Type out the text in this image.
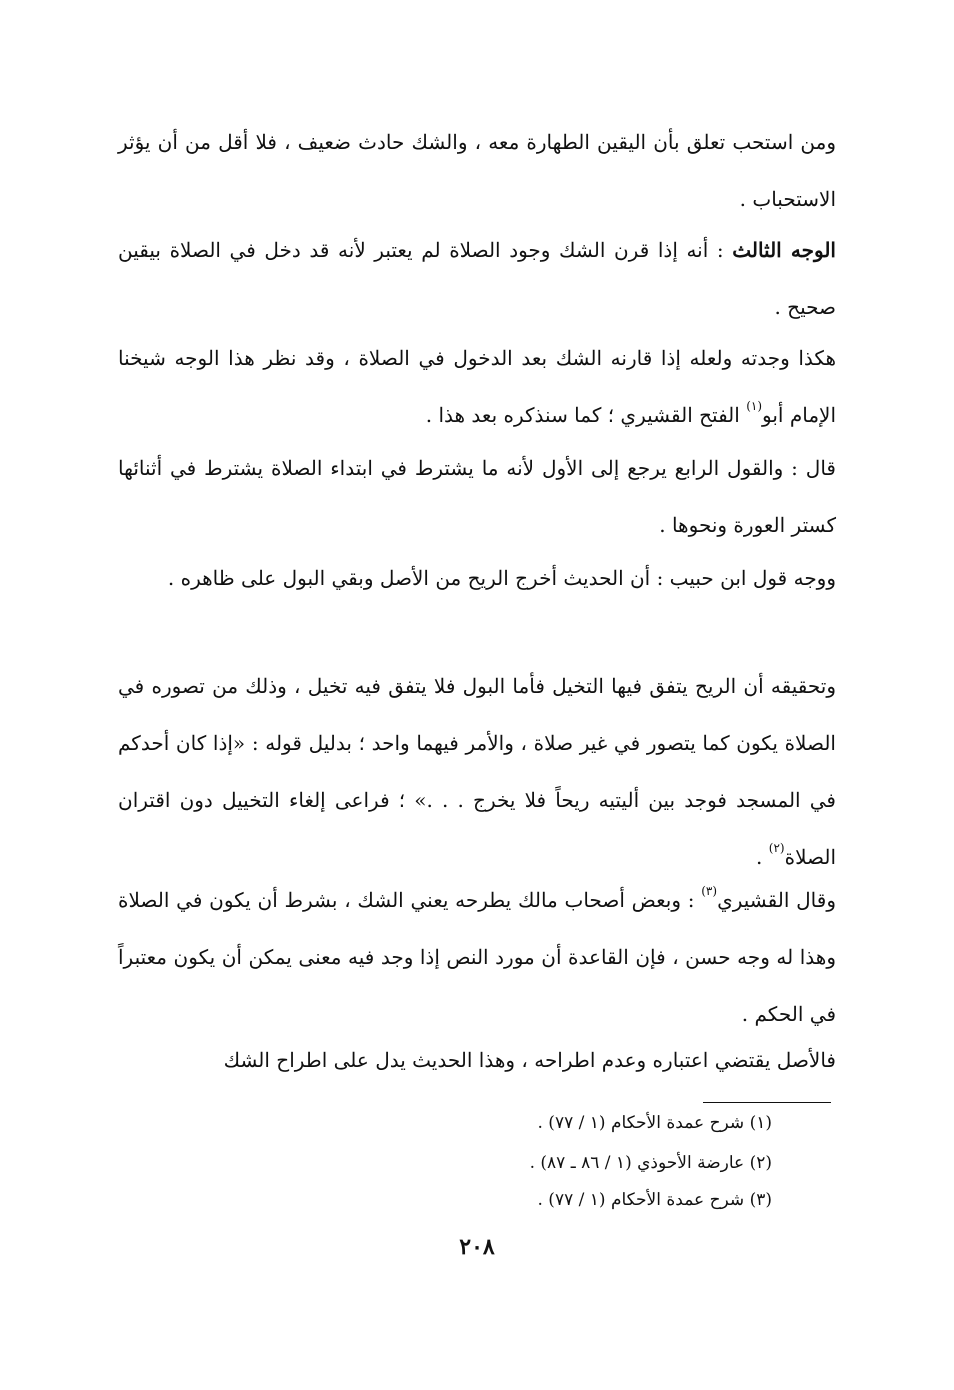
ومن استحب تعلق بأن اليقين الطهارة معه ، والشك حادث ضعيف ، فلا أقل من أن يؤثر الاستحباب .

الوجه الثالث : أنه إذا قرن الشك وجود الصلاة لم يعتبر لأنه قد دخل في الصلاة بيقين صحيح .

هكذا وجدته ولعله إذا قارنه الشك بعد الدخول في الصلاة ، وقد نظر هذا الوجه شيخنا الإمام أبو$^{(١)}$ الفتح القشيري ؛ كما سنذكره بعد هذا .

قال : والقول الرابع يرجع إلى الأول لأنه ما يشترط في ابتداء الصلاة يشترط في أثنائها كستر العورة ونحوها .

ووجه قول ابن حبيب : أن الحديث أخرج الريح من الأصل وبقي البول على ظاهره .

وتحقيقه أن الريح يتفق فيها التخيل فأما البول فلا يتفق فيه تخيل ، وذلك من تصوره في الصلاة يكون كما يتصور في غير صلاة ، والأمر فيهما واحد ؛ بدليل قوله : «إذا كان أحدكم في المسجد فوجد بين أليتيه ريحاً فلا يخرج . . .» ؛ فراعى إلغاء التخييل دون اقتران الصلاة$^{(٢)}$ .

وقال القشيري$^{(٣)}$ : وبعض أصحاب مالك يطرحه يعني الشك ، بشرط أن يكون في الصلاة وهذا له وجه حسن ، فإن القاعدة أن مورد النص إذا وجد فيه معنى يمكن أن يكون معتبراً في الحكم .

فالأصل يقتضي اعتباره وعدم اطراحه ، وهذا الحديث يدل على اطراح الشك

(١) شرح عمدة الأحكام (١ / ٧٧) .
(٢) عارضة الأحوذي (١ / ٨٦ ـ ٨٧) .
(٣) شرح عمدة الأحكام (١ / ٧٧) .
٢٠٨
